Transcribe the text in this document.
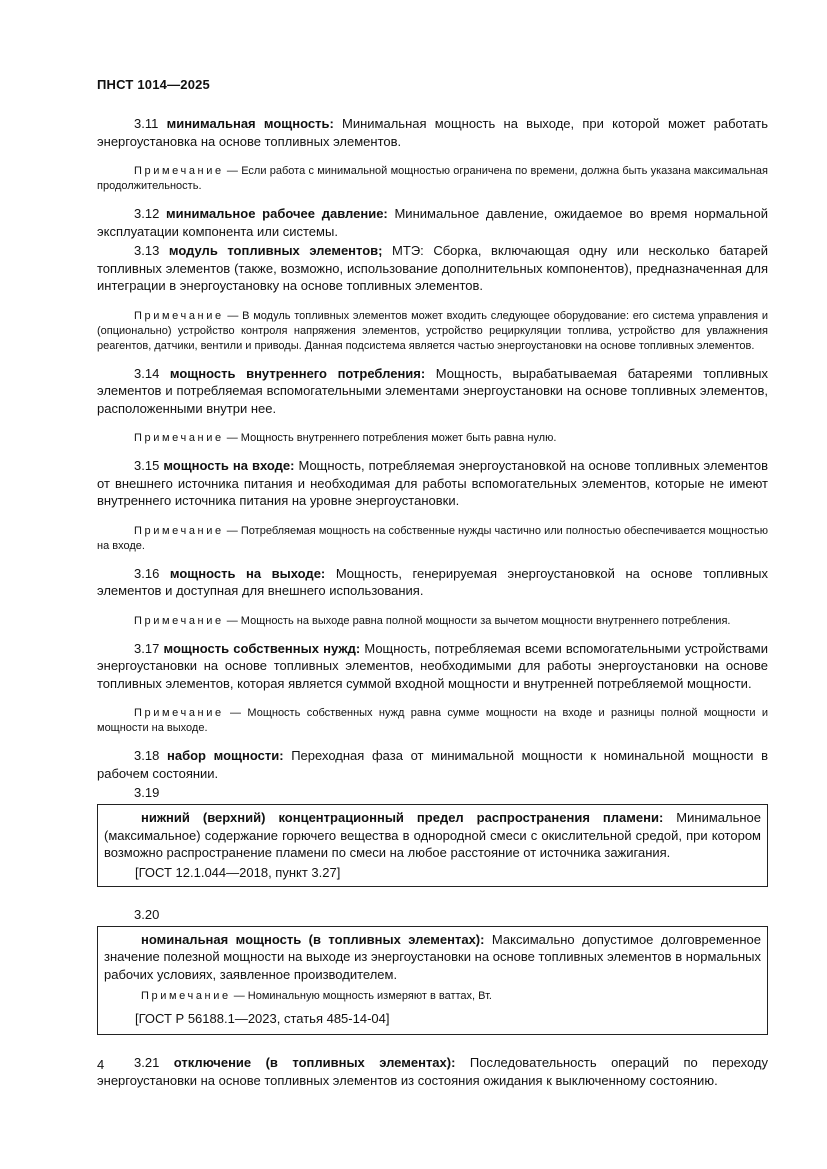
ПНСТ 1014—2025

3.11 минимальная мощность: Минимальная мощность на выходе, при которой может работать энергоустановка на основе топливных элементов.

Примечание — Если работа с минимальной мощностью ограничена по времени, должна быть указана максимальная продолжительность.

3.12 минимальное рабочее давление: Минимальное давление, ожидаемое во время нормальной эксплуатации компонента или системы.

3.13 модуль топливных элементов; МТЭ: Сборка, включающая одну или несколько батарей топливных элементов (также, возможно, использование дополнительных компонентов), предназначенная для интеграции в энергоустановку на основе топливных элементов.

Примечание — В модуль топливных элементов может входить следующее оборудование: его система управления и (опционально) устройство контроля напряжения элементов, устройство рециркуляции топлива, устройство для увлажнения реагентов, датчики, вентили и приводы. Данная подсистема является частью энергоустановки на основе топливных элементов.

3.14 мощность внутреннего потребления: Мощность, вырабатываемая батареями топливных элементов и потребляемая вспомогательными элементами энергоустановки на основе топливных элементов, расположенными внутри нее.

Примечание — Мощность внутреннего потребления может быть равна нулю.

3.15 мощность на входе: Мощность, потребляемая энергоустановкой на основе топливных элементов от внешнего источника питания и необходимая для работы вспомогательных элементов, которые не имеют внутреннего источника питания на уровне энергоустановки.

Примечание — Потребляемая мощность на собственные нужды частично или полностью обеспечивается мощностью на входе.

3.16 мощность на выходе: Мощность, генерируемая энергоустановкой на основе топливных элементов и доступная для внешнего использования.

Примечание — Мощность на выходе равна полной мощности за вычетом мощности внутреннего потребления.

3.17 мощность собственных нужд: Мощность, потребляемая всеми вспомогательными устройствами энергоустановки на основе топливных элементов, необходимыми для работы энергоустановки на основе топливных элементов, которая является суммой входной мощности и внутренней потребляемой мощности.

Примечание — Мощность собственных нужд равна сумме мощности на входе и разницы полной мощности и мощности на выходе.

3.18 набор мощности: Переходная фаза от минимальной мощности к номинальной мощности в рабочем состоянии.

3.19

нижний (верхний) концентрационный предел распространения пламени: Минимальное (максимальное) содержание горючего вещества в однородной смеси с окислительной средой, при котором возможно распространение пламени по смеси на любое расстояние от источника зажигания.

[ГОСТ 12.1.044—2018, пункт 3.27]
3.20

номинальная мощность (в топливных элементах): Максимально допустимое долговременное значение полезной мощности на выходе из энергоустановки на основе топливных элементов в нормальных рабочих условиях, заявленное производителем.

Примечание — Номинальную мощность измеряют в ваттах, Вт.

[ГОСТ Р 56188.1—2023, статья 485-14-04]

3.21 отключение (в топливных элементах): Последовательность операций по переходу энергоустановки на основе топливных элементов из состояния ожидания к выключенному состоянию.

4
